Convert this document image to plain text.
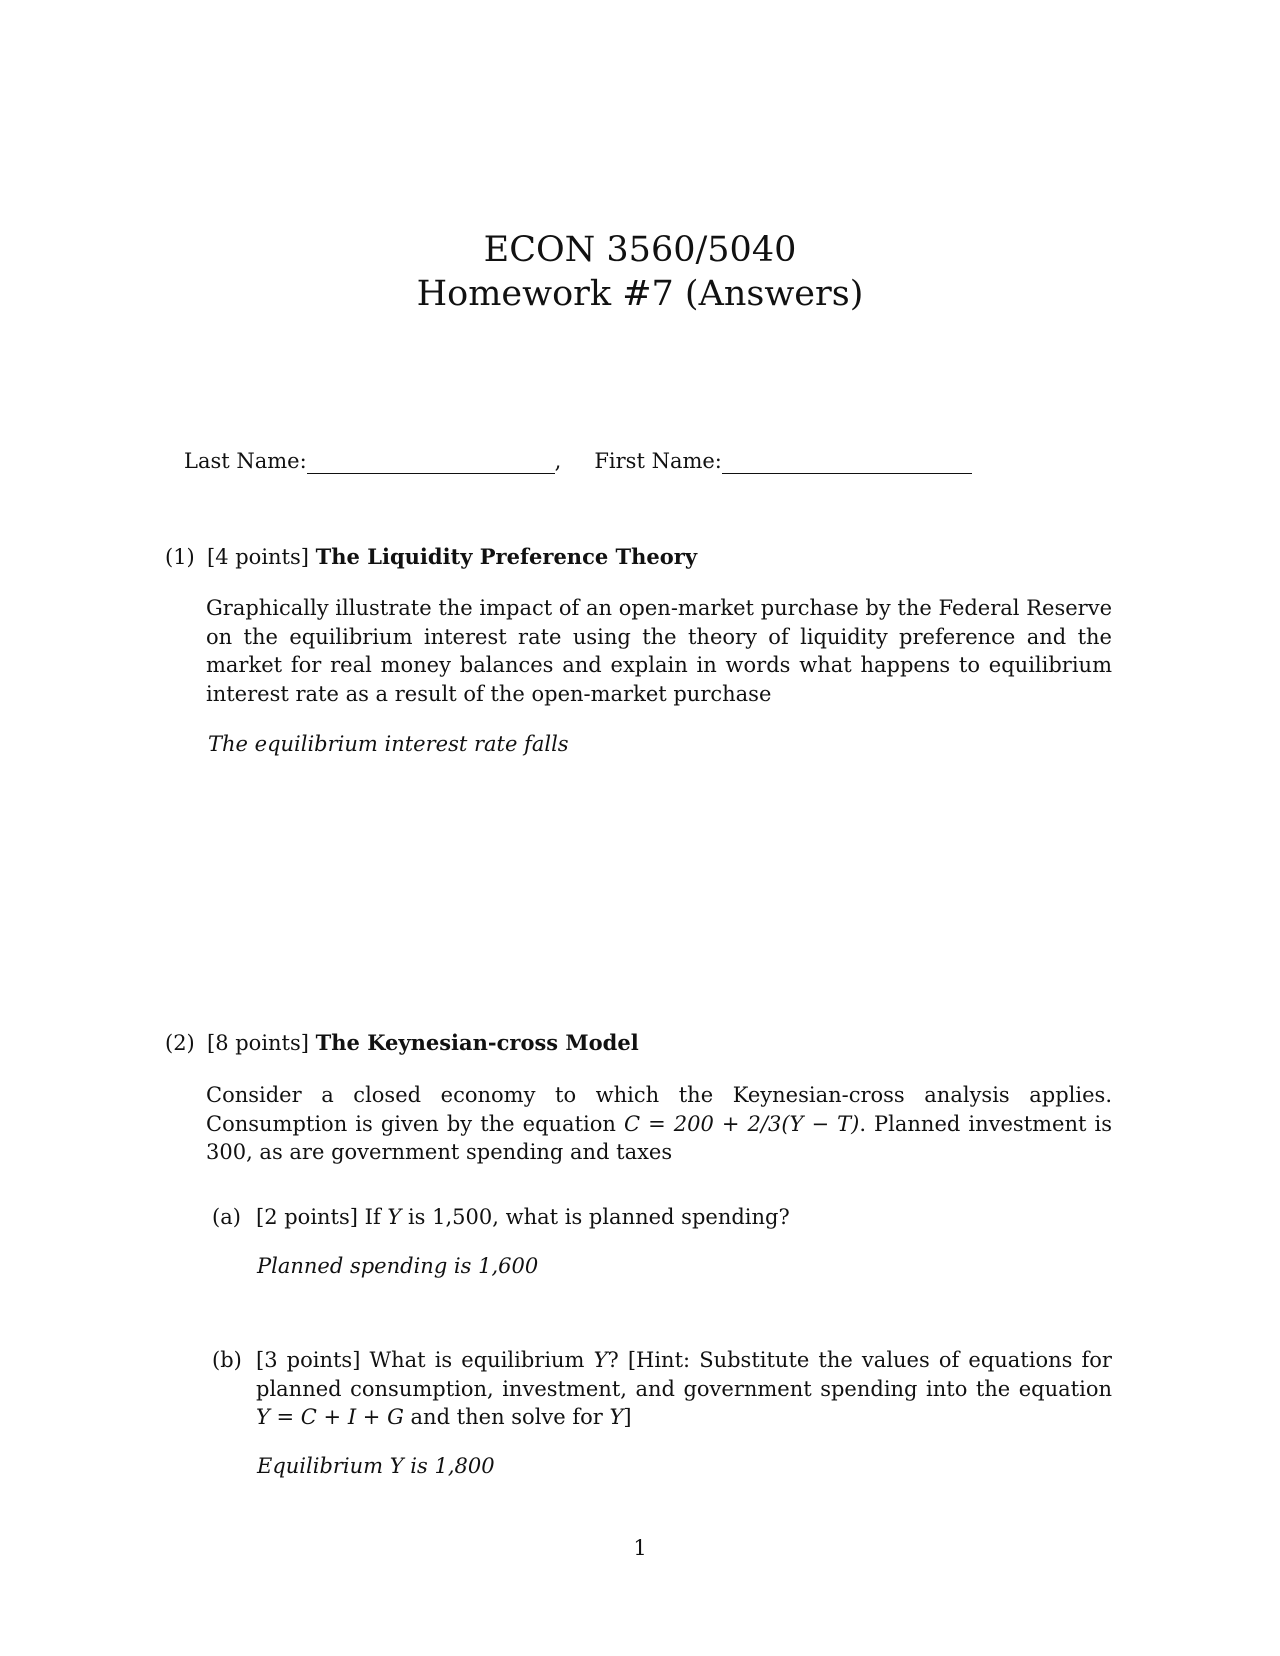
ECON 3560/5040
Homework #7 (Answers)
Last Name:	, First Name:
(1) [4 points] The Liquidity Preference Theory
Graphically illustrate the impact of an open-market purchase by the Federal Reserve on the equilibrium interest rate using the theory of liquidity preference and the market for real money balances and explain in words what happens to equilibrium interest rate as a result of the open-market purchase
The equilibrium interest rate falls
(2) [8 points] The Keynesian-cross Model
Consider a closed economy to which the Keynesian-cross analysis applies. Consumption is given by the equation C = 200 + 2/3(Y − T). Planned investment is 300, as are government spending and taxes
(a) [2 points] If Y is 1,500, what is planned spending?
Planned spending is 1,600
(b) [3 points] What is equilibrium Y? [Hint: Substitute the values of equations for planned consumption, investment, and government spending into the equation Y = C + I + G and then solve for Y]
Equilibrium Y is 1,800
1
